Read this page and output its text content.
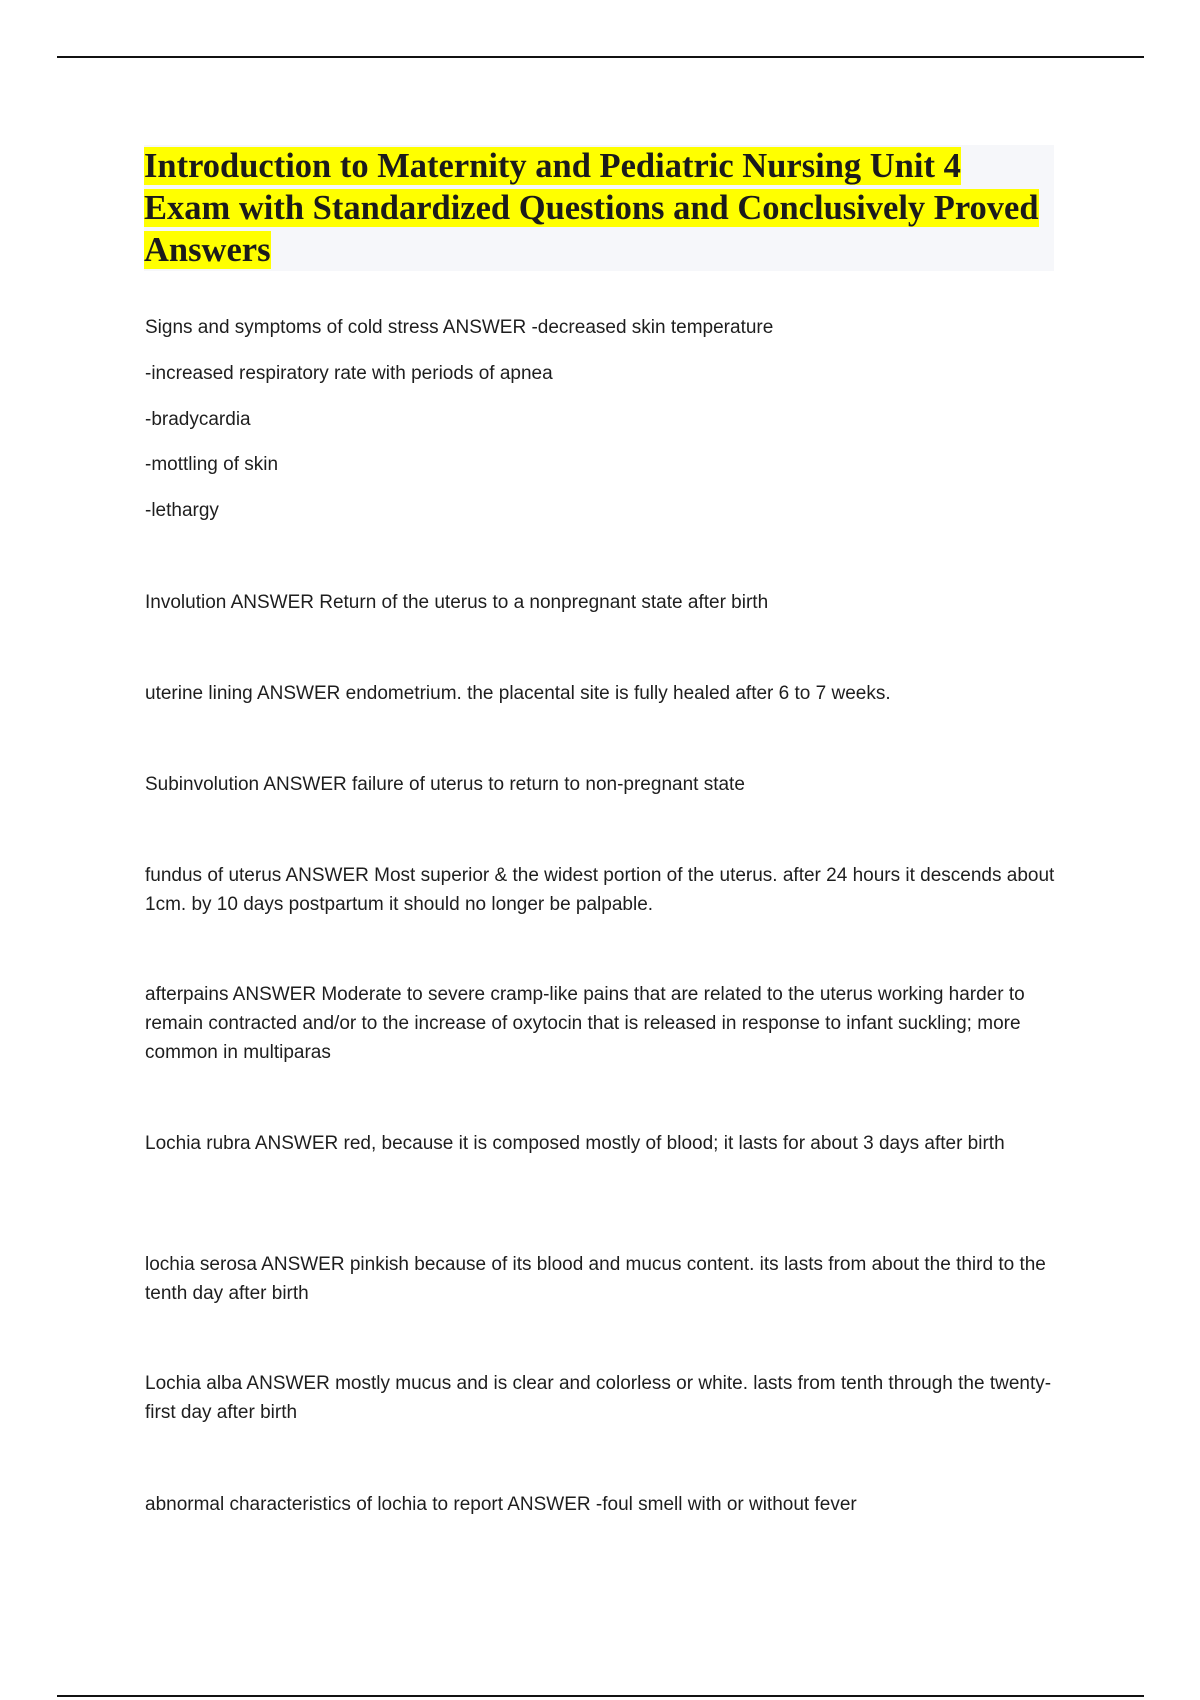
Introduction to Maternity and Pediatric Nursing Unit 4 Exam with Standardized Questions and Conclusively Proved Answers

Signs and symptoms of cold stress ANSWER -decreased skin temperature

-increased respiratory rate with periods of apnea

-bradycardia

-mottling of skin

-lethargy

Involution ANSWER Return of the uterus to a nonpregnant state after birth

uterine lining ANSWER endometrium. the placental site is fully healed after 6 to 7 weeks.

Subinvolution ANSWER failure of uterus to return to non-pregnant state

fundus of uterus ANSWER Most superior & the widest portion of the uterus. after 24 hours it descends about 1cm. by 10 days postpartum it should no longer be palpable.

afterpains ANSWER Moderate to severe cramp-like pains that are related to the uterus working harder to remain contracted and/or to the increase of oxytocin that is released in response to infant suckling; more common in multiparas

Lochia rubra ANSWER red, because it is composed mostly of blood; it lasts for about 3 days after birth

lochia serosa ANSWER pinkish because of its blood and mucus content. its lasts from about the third to the tenth day after birth

Lochia alba ANSWER mostly mucus and is clear and colorless or white. lasts from tenth through the twenty-first day after birth

abnormal characteristics of lochia to report ANSWER -foul smell with or without fever
